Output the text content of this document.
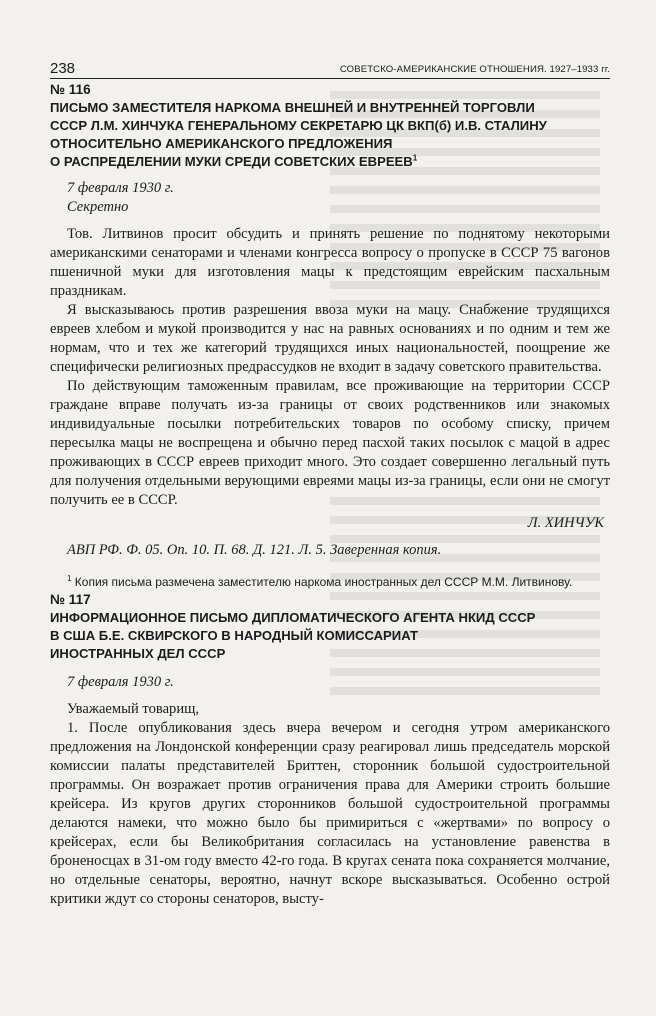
238	СОВЕТСКО-АМЕРИКАНСКИЕ ОТНОШЕНИЯ. 1927–1933 гг.
№ 116
ПИСЬМО ЗАМЕСТИТЕЛЯ НАРКОМА ВНЕШНЕЙ И ВНУТРЕННЕЙ ТОРГОВЛИ
СССР Л.М. ХИНЧУКА ГЕНЕРАЛЬНОМУ СЕКРЕТАРЮ ЦК ВКП(б) И.В. СТАЛИНУ
ОТНОСИТЕЛЬНО АМЕРИКАНСКОГО ПРЕДЛОЖЕНИЯ
О РАСПРЕДЕЛЕНИИ МУКИ СРЕДИ СОВЕТСКИХ ЕВРЕЕВ$^1$
7 февраля 1930 г.
Секретно

Тов. Литвинов просит обсудить и принять решение по поднятому некоторыми американскими сенаторами и членами конгресса вопросу о пропуске в СССР 75 вагонов пшеничной муки для изготовления мацы к предстоящим еврейским пасхальным праздникам.

Я высказываюсь против разрешения ввоза муки на мацу. Снабжение трудящихся евреев хлебом и мукой производится у нас на равных основаниях и по одним и тем же нормам, что и тех же категорий трудящихся иных национальностей, поощрение же специфически религиозных предрассудков не входит в задачу советского правительства.

По действующим таможенным правилам, все проживающие на территории СССР граждане вправе получать из-за границы от своих родственников или знакомых индивидуальные посылки потребительских товаров по особому списку, причем пересылка мацы не воспрещена и обычно перед пасхой таких посылок с мацой в адрес проживающих в СССР евреев приходит много. Это создает совершенно легальный путь для получения отдельными верующими евреями мацы из-за границы, если они не смогут получить ее в СССР.

Л. ХИНЧУК
АВП РФ. Ф. 05. Оп. 10. П. 68. Д. 121. Л. 5. Заверенная копия.

$^1$ Копия письма размечена заместителю наркома иностранных дел СССР М.М. Литвинову.

№ 117
ИНФОРМАЦИОННОЕ ПИСЬМО ДИПЛОМАТИЧЕСКОГО АГЕНТА НКИД СССР
В США Б.Е. СКВИРСКОГО В НАРОДНЫЙ КОМИССАРИАТ
ИНОСТРАННЫХ ДЕЛ СССР
7 февраля 1930 г.
Уважаемый товарищ,

1. После опубликования здесь вчера вечером и сегодня утром американского предложения на Лондонской конференции сразу реагировал лишь председатель морской комиссии палаты представителей Бриттен, сторонник большой судостроительной программы. Он возражает против ограничения права для Америки строить большие крейсера. Из кругов других сторонников большой судостроительной программы делаются намеки, что можно было бы примириться с «жертвами» по вопросу о крейсерах, если бы Великобритания согласилась на установление равенства в броненосцах в 31-ом году вместо 42-го года. В кругах сената пока сохраняется молчание, но отдельные сенаторы, вероятно, начнут вскоре высказываться. Особенно острой критики ждут со стороны сенаторов, высту-
